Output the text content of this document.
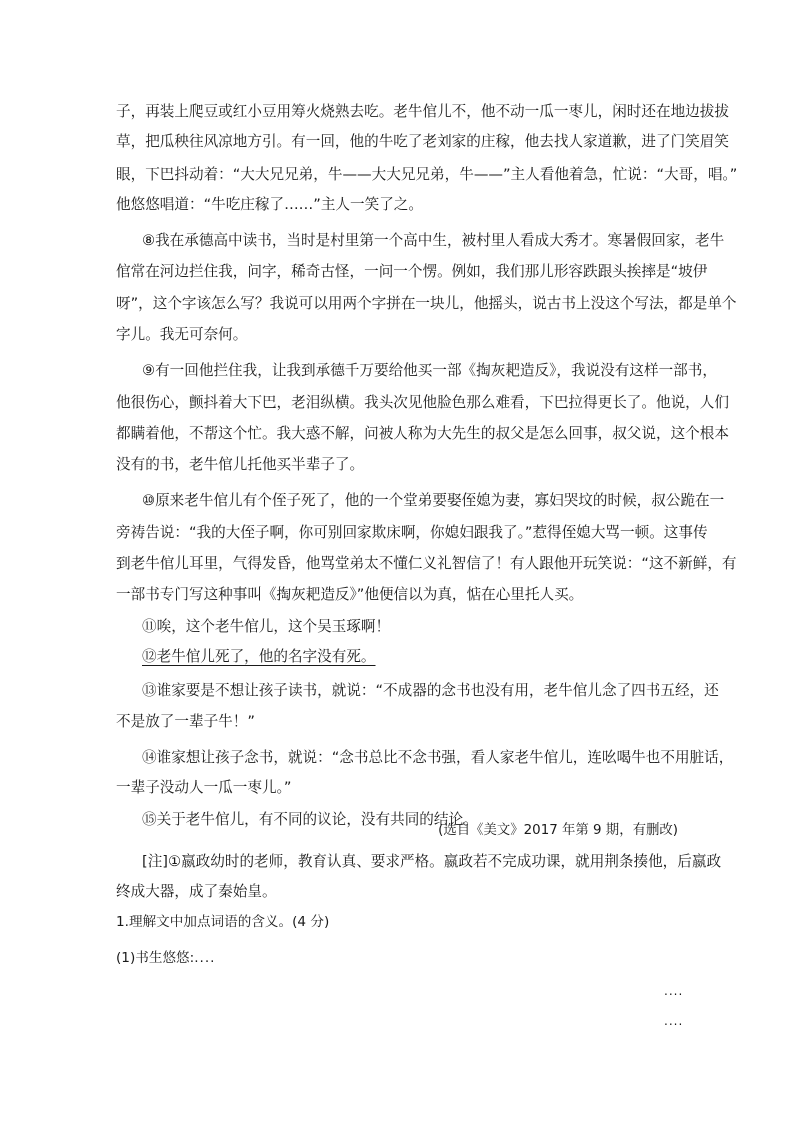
子，再装上爬豆或红小豆用筹火烧熟去吃。老牛倌儿不，他不动一瓜一枣儿，闲时还在地边拔拔
草，把瓜秧往风凉地方引。有一回，他的牛吃了老刘家的庄稼，他去找人家道歉，进了门笑眉笑
眼，下巴抖动着：“大大兄兄弟，牛——大大兄兄弟，牛——”主人看他着急，忙说：“大哥，唱。”
他悠悠唱道：“牛吃庄稼了……”主人一笑了之。
⑧我在承德高中读书，当时是村里第一个高中生，被村里人看成大秀才。寒暑假回家，老牛
倌常在河边拦住我，问字，稀奇古怪，一问一个愣。例如，我们那儿形容跌跟头挨摔是“坡伊
呀”，这个字该怎么写？我说可以用两个字拼在一块儿，他摇头，说古书上没这个写法，都是单个
字儿。我无可奈何。
⑨有一回他拦住我，让我到承德千万要给他买一部《掏灰耙造反》，我说没有这样一部书，
他很伤心，颤抖着大下巴，老泪纵横。我头次见他脸色那么难看，下巴拉得更长了。他说，人们
都瞒着他，不帮这个忙。我大惑不解，问被人称为大先生的叔父是怎么回事，叔父说，这个根本
没有的书，老牛倌儿托他买半辈子了。
⑩原来老牛倌儿有个侄子死了，他的一个堂弟要娶侄媳为妻，寡妇哭坟的时候，叔公跪在一
旁祷告说：“我的大侄子啊，你可别回家欺床啊，你媳妇跟我了。”惹得侄媳大骂一顿。这事传
到老牛倌儿耳里，气得发昏，他骂堂弟太不懂仁义礼智信了！有人跟他开玩笑说：“这不新鲜，有
一部书专门写这种事叫《掏灰耙造反》”他便信以为真，惦在心里托人买。
⑪唉，这个老牛倌儿，这个吴玉琢啊！
⑫老牛倌儿死了，他的名字没有死。
⑬谁家要是不想让孩子读书，就说：“不成器的念书也没有用，老牛倌儿念了四书五经，还
不是放了一辈子牛！”
⑭谁家想让孩子念书，就说：“念书总比不念书强，看人家老牛倌儿，连吆喝牛也不用脏话，
一辈子没动人一瓜一枣儿。”
⑮关于老牛倌儿，有不同的议论，没有共同的结论。
(选自《美文》2017 年第 9 期，有删改)
[注]①嬴政幼时的老师，教育认真、要求严格。嬴政若不完成功课，就用荆条揍他，后嬴政
终成大器，成了秦始皇。
1.理解文中加点词语的含义。(4 分)
(1)书生悠悠:....
....
....
